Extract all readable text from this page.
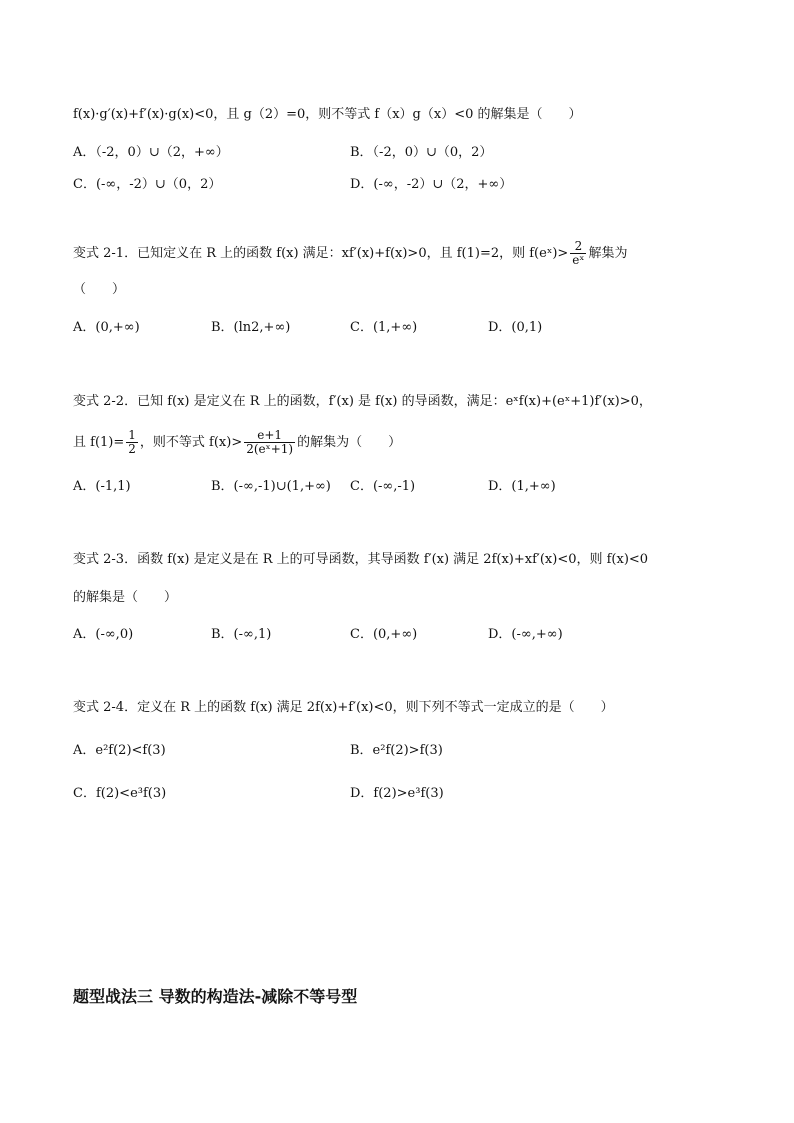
f(x)·g′(x)+f′(x)·g(x)<0，且 g（2）=0，则不等式 f（x）g（x）<0 的解集是（　　）
A．（-2，0）∪（2，+∞）	B．（-2，0）∪（0，2）
C．(-∞，-2）∪（0，2）	D．(-∞，-2）∪（2，+∞）
变式 2-1．已知定义在 R 上的函数 f(x) 满足：xf′(x)+f(x)>0，且 f(1)=2，则 f(eˣ)> $\frac{2}{\text{eˣ}}$ 解集为
（　　）
A．(0,+∞)	B．(ln2,+∞)	C．(1,+∞)	D．(0,1)
变式 2-2．已知 f(x) 是定义在 R 上的函数，f′(x) 是 f(x) 的导函数，满足：eˣf(x)+(eˣ+1)f′(x)>0，
且 $f(1)= \frac{1}{2}$ ，则不等式 $f(x)> \frac{e+1}{\text{2(eˣ+1)}}$ 的解集为（　　）
A．(-1,1)	B．(-∞,-1)∪(1,+∞) C．(-∞,-1)	D．(1,+∞)
变式 2-3．函数 f(x) 是定义是在 R 上的可导函数，其导函数 f′(x) 满足 2f(x)+xf′(x)<0，则 f(x)<0
的解集是（　　）
A．(-∞,0)	B．(-∞,1)	C．(0,+∞)	D．(-∞,+∞)
变式 2-4．定义在 R 上的函数 f(x) 满足 2f(x)+f′(x)<0，则下列不等式一定成立的是（　　）
A．e²f(2)<f(3)	B．e²f(2)>f(3)
C．f(2)<e³f(3)	D．f(2)>e³f(3)
题型战法三 导数的构造法-减除不等号型
